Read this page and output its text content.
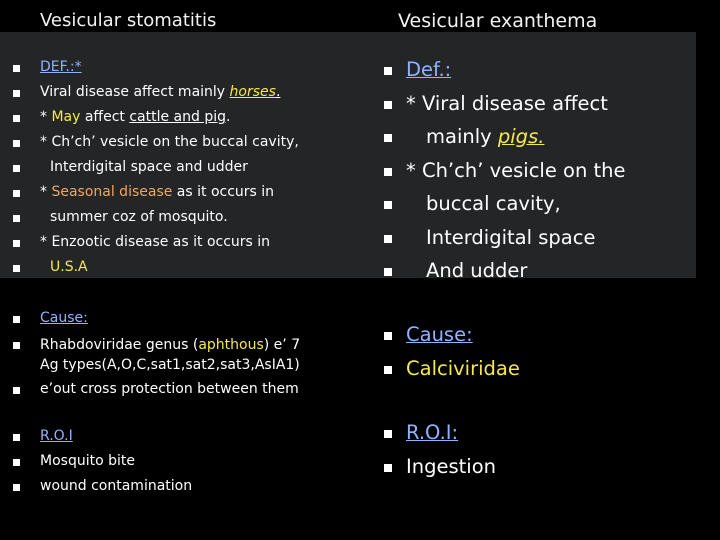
Vesicular stomatitis	Vesicular exanthema
DEF.:*
Viral disease affect mainly horses.
* May affect cattle and pig.
* Ch’ch’ vesicle on the buccal cavity,
Interdigital space and udder
* Seasonal disease as it occurs in
summer coz of mosquito.
* Enzootic disease as it occurs in
U.S.A
Cause:
Rhabdoviridae genus (aphthous) e’ 7
Ag types(A,O,C,sat1,sat2,sat3,AsIA1)
e’out cross protection between them
R.O.I
Mosquito bite
wound contamination
Def.:
* Viral disease affect
mainly pigs.
* Ch’ch’ vesicle on the
buccal cavity,
Interdigital space
And udder
Cause:
Calciviridae
R.O.I:
Ingestion
